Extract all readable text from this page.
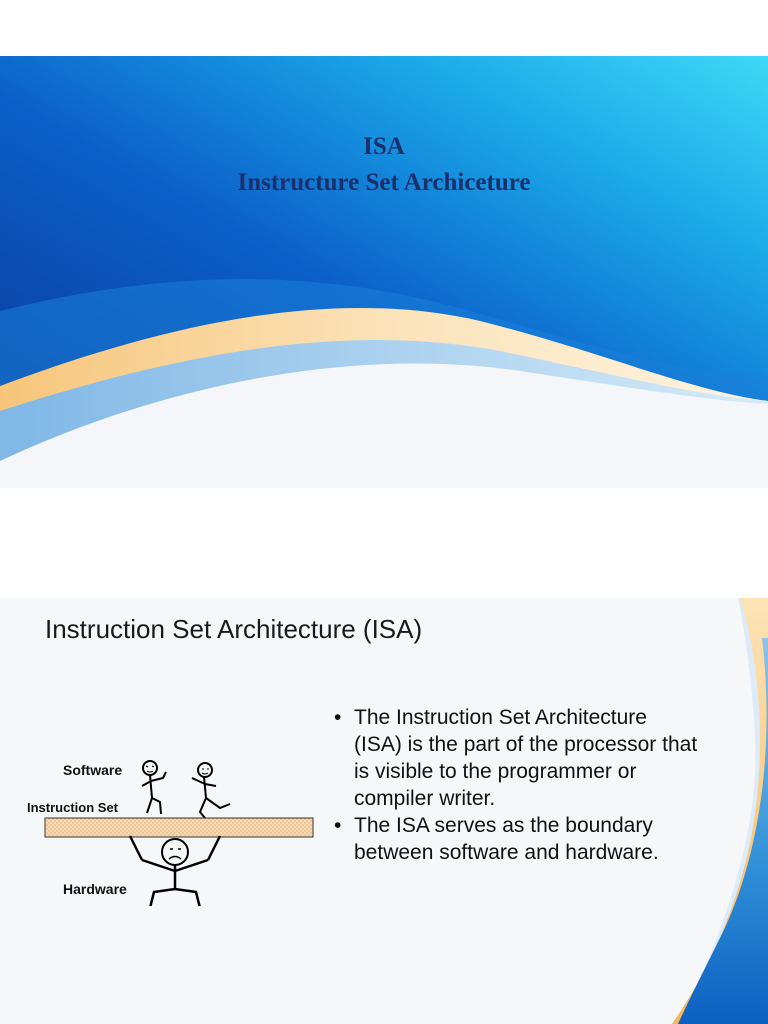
ISA
Instructure Set Archiceture
Instruction Set Architecture (ISA)
Software
Instruction Set
Hardware
• The Instruction Set Architecture (ISA) is the part of the processor that is visible to the programmer or compiler writer.
• The ISA serves as the boundary between software and hardware.
